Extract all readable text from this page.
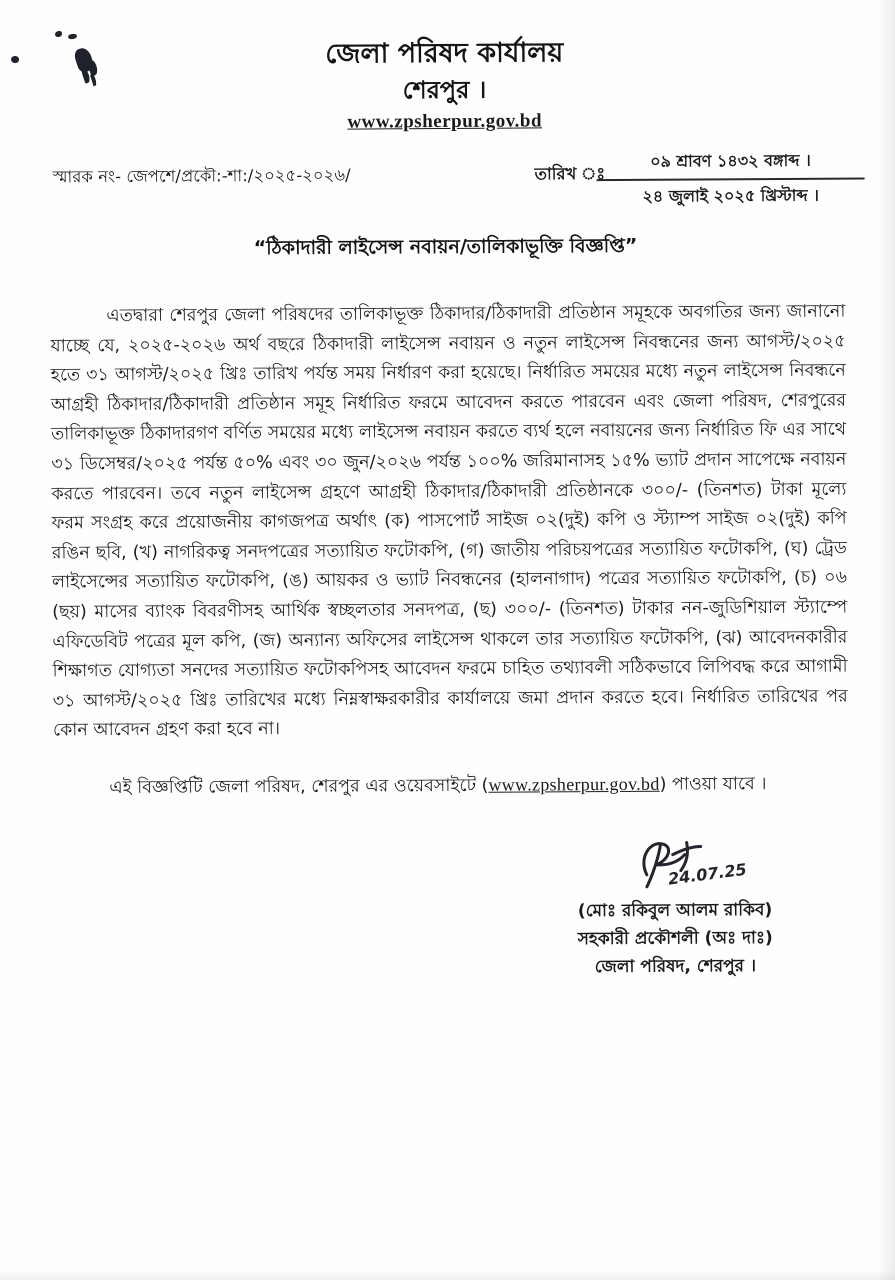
জেলা পরিষদ কার্যালয়
শেরপুর ।
www.zpsherpur.gov.bd
স্মারক নং- জেপশে/প্রকৌ:-শা:/২০২৫-২০২৬/	তারিখ ঃ
০৯ শ্রাবণ ১৪৩২ বঙ্গাব্দ ।
২৪ জুলাই ২০২৫ খ্রিস্টাব্দ ।
“ঠিকাদারী লাইসেন্স নবায়ন/তালিকাভূক্তি বিজ্ঞপ্তি”

এতদ্বারা শেরপুর জেলা পরিষদের তালিকাভূক্ত ঠিকাদার/ঠিকাদারী প্রতিষ্ঠান সমূহকে অবগতির জন্য জানানো যাচ্ছে যে, ২০২৫-২০২৬ অর্থ বছরে ঠিকাদারী লাইসেন্স নবায়ন ও নতুন লাইসেন্স নিবন্ধনের জন্য আগস্ট/২০২৫ হতে ৩১ আগস্ট/২০২৫ খ্রিঃ তারিখ পর্যন্ত সময় নির্ধারণ করা হয়েছে। নির্ধারিত সময়ের মধ্যে নতুন লাইসেন্স নিবন্ধনে আগ্রহী ঠিকাদার/ঠিকাদারী প্রতিষ্ঠান সমূহ নির্ধারিত ফরমে আবেদন করতে পারবেন এবং জেলা পরিষদ, শেরপুরের তালিকাভূক্ত ঠিকাদারগণ বর্ণিত সময়ের মধ্যে লাইসেন্স নবায়ন করতে ব্যর্থ হলে নবায়নের জন্য নির্ধারিত ফি এর সাথে ৩১ ডিসেম্বর/২০২৫ পর্যন্ত ৫০% এবং ৩০ জুন/২০২৬ পর্যন্ত ১০০% জরিমানাসহ ১৫% ভ্যাট প্রদান সাপেক্ষে নবায়ন করতে পারবেন। তবে নতুন লাইসেন্স গ্রহণে আগ্রহী ঠিকাদার/ঠিকাদারী প্রতিষ্ঠানকে ৩০০/- (তিনশত) টাকা মূল্যে ফরম সংগ্রহ করে প্রয়োজনীয় কাগজপত্র অর্থাৎ (ক) পাসপোর্ট সাইজ ০২(দুই) কপি ও স্ট্যাম্প সাইজ ০২(দুই) কপি রঙিন ছবি, (খ) নাগরিকত্ব সনদপত্রের সত্যায়িত ফটোকপি, (গ) জাতীয় পরিচয়পত্রের সত্যায়িত ফটোকপি, (ঘ) ট্রেড লাইসেন্সের সত্যায়িত ফটোকপি, (ঙ) আয়কর ও ভ্যাট নিবন্ধনের (হালনাগাদ) পত্রের সত্যায়িত ফটোকপি, (চ) ০৬ (ছয়) মাসের ব্যাংক বিবরণীসহ আর্থিক স্বচ্ছলতার সনদপত্র, (ছ) ৩০০/- (তিনশত) টাকার নন-জুডিশিয়াল স্ট্যাম্পে এফিডেবিট পত্রের মূল কপি, (জ) অন্যান্য অফিসের লাইসেন্স থাকলে তার সত্যায়িত ফটোকপি, (ঝ) আবেদনকারীর শিক্ষাগত যোগ্যতা সনদের সত্যায়িত ফটোকপিসহ আবেদন ফরমে চাহিত তথ্যাবলী সঠিকভাবে লিপিবদ্ধ করে আগামী ৩১ আগস্ট/২০২৫ খ্রিঃ তারিখের মধ্যে নিম্নস্বাক্ষরকারীর কার্যালয়ে জমা প্রদান করতে হবে। নির্ধারিত তারিখের পর কোন আবেদন গ্রহণ করা হবে না।

এই বিজ্ঞপ্তিটি জেলা পরিষদ, শেরপুর এর ওয়েবসাইটে (www.zpsherpur.gov.bd) পাওয়া যাবে ।

24.07.25
(মোঃ রকিবুল আলম রাকিব)
সহকারী প্রকৌশলী (অঃ দাঃ)
জেলা পরিষদ, শেরপুর ।
